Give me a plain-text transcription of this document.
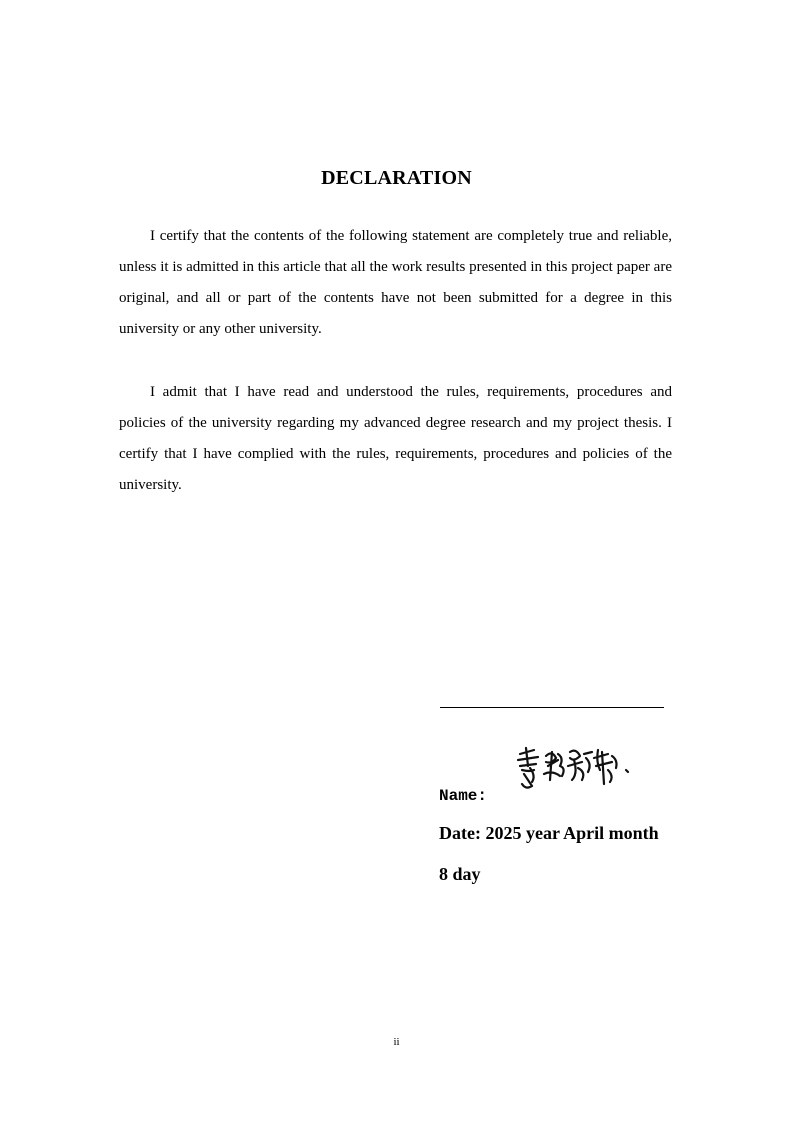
DECLARATION

I certify that the contents of the following statement are completely true and reliable, unless it is admitted in this article that all the work results presented in this project paper are original, and all or part of the contents have not been submitted for a degree in this university or any other university.

I admit that I have read and understood the rules, requirements, procedures and policies of the university regarding my advanced degree research and my project thesis. I certify that I have complied with the rules, requirements, procedures and policies of the university.

Name:
Date: 2025 year April month
8 day
ii
